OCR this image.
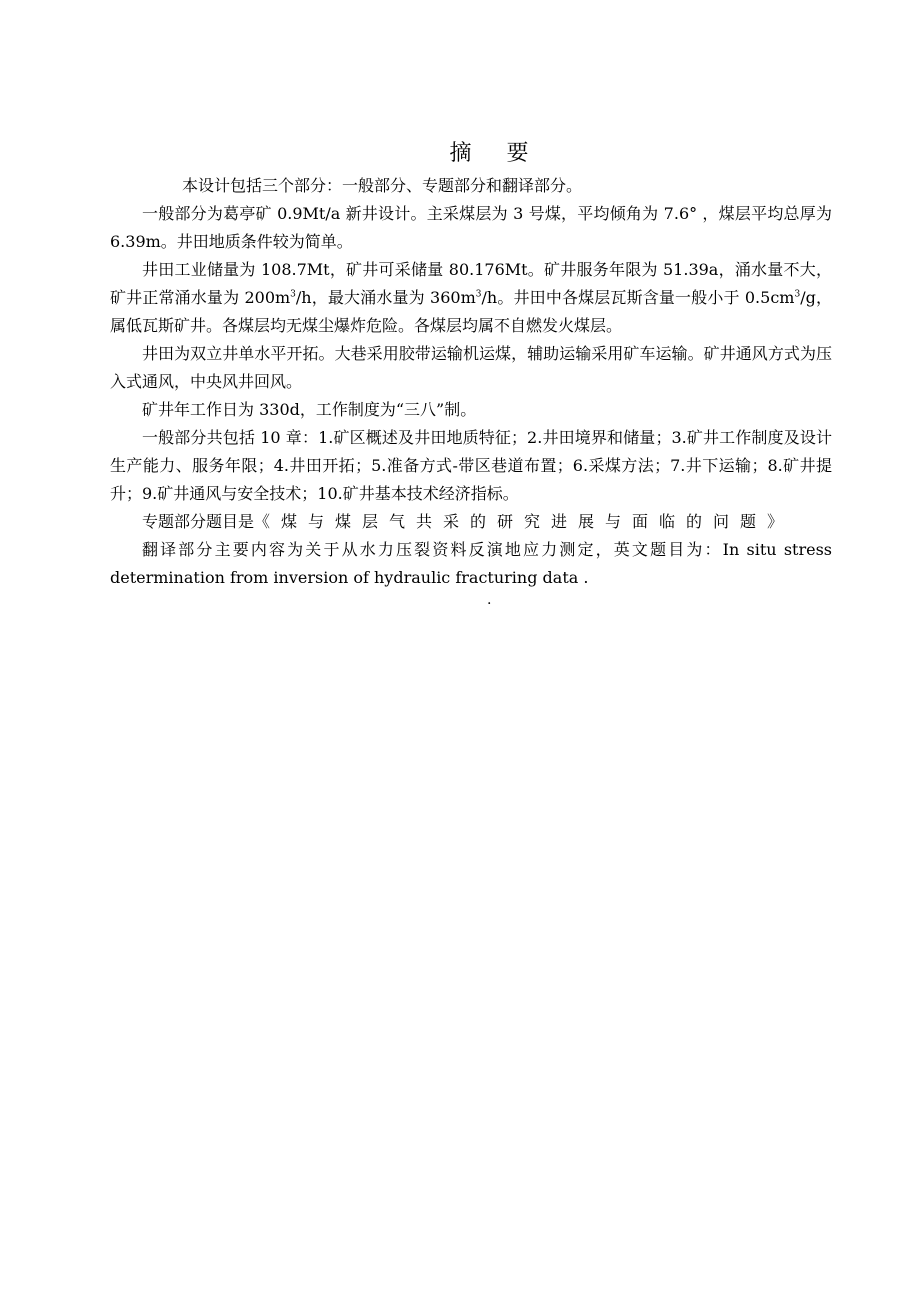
摘 要

本设计包括三个部分：一般部分、专题部分和翻译部分。

一般部分为葛亭矿 0.9Mt/a 新井设计。主采煤层为 3 号煤，平均倾角为 7.6° ，煤层平均总厚为 6.39m。井田地质条件较为简单。

井田工业储量为 108.7Mt，矿井可采储量 80.176Mt。矿井服务年限为 51.39a，涌水量不大，矿井正常涌水量为 $200m^3/h$，最大涌水量为 $360m^3/h$。井田中各煤层瓦斯含量一般小于 $0.5cm^3/g$，属低瓦斯矿井。各煤层均无煤尘爆炸危险。各煤层均属不自燃发火煤层。

井田为双立井单水平开拓。大巷采用胶带运输机运煤，辅助运输采用矿车运输。矿井通风方式为压入式通风，中央风井回风。

矿井年工作日为 330d，工作制度为“三八”制。

一般部分共包括 10 章：1.矿区概述及井田地质特征；2.井田境界和储量；3.矿井工作制度及设计生产能力、服务年限；4.井田开拓；5.准备方式-带区巷道布置；6.采煤方法；7.井下运输；8.矿井提升；9.矿井通风与安全技术；10.矿井基本技术经济指标。

专题部分题目是《煤与煤层气共采的研究进展与面临的问题》

翻译部分主要内容为关于从水力压裂资料反演地应力测定，英文题目为：In situ stress determination from inversion of hydraulic fracturing data .

.
